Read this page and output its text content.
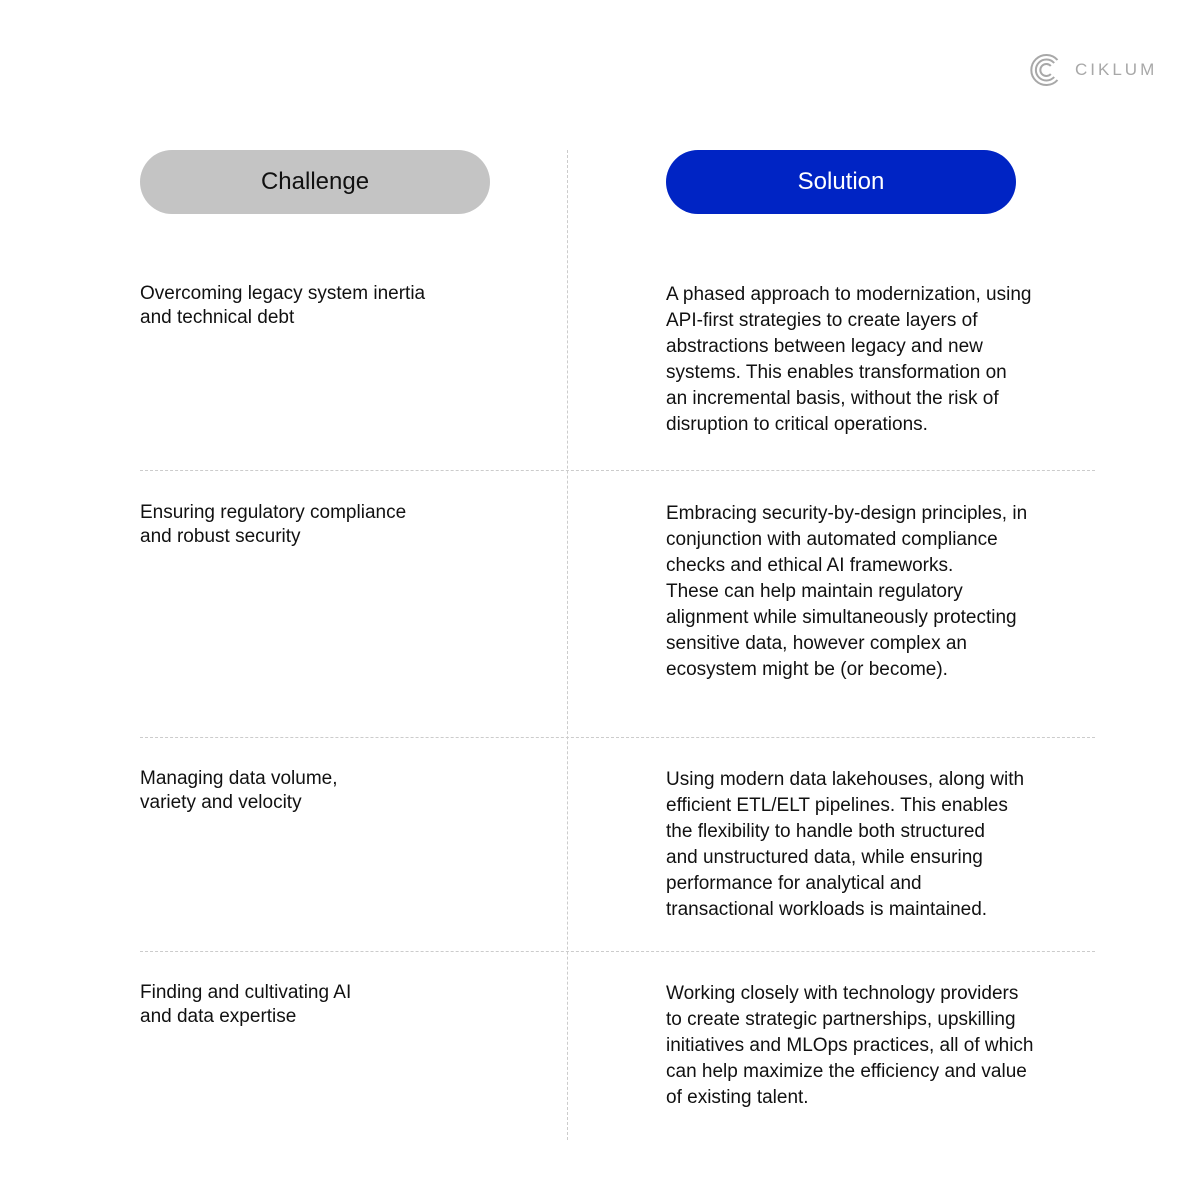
CIKLUM
Challenge	Solution
Overcoming legacy system inertia
and technical debt
A phased approach to modernization, using
API-first strategies to create layers of
abstractions between legacy and new
systems. This enables transformation on
an incremental basis, without the risk of
disruption to critical operations.
Ensuring regulatory compliance
and robust security
Embracing security-by-design principles, in
conjunction with automated compliance
checks and ethical AI frameworks.
These can help maintain regulatory
alignment while simultaneously protecting
sensitive data, however complex an
ecosystem might be (or become).
Managing data volume,
variety and velocity
Using modern data lakehouses, along with
efficient ETL/ELT pipelines. This enables
the flexibility to handle both structured
and unstructured data, while ensuring
performance for analytical and
transactional workloads is maintained.
Finding and cultivating AI
and data expertise
Working closely with technology providers
to create strategic partnerships, upskilling
initiatives and MLOps practices, all of which
can help maximize the efficiency and value
of existing talent.
